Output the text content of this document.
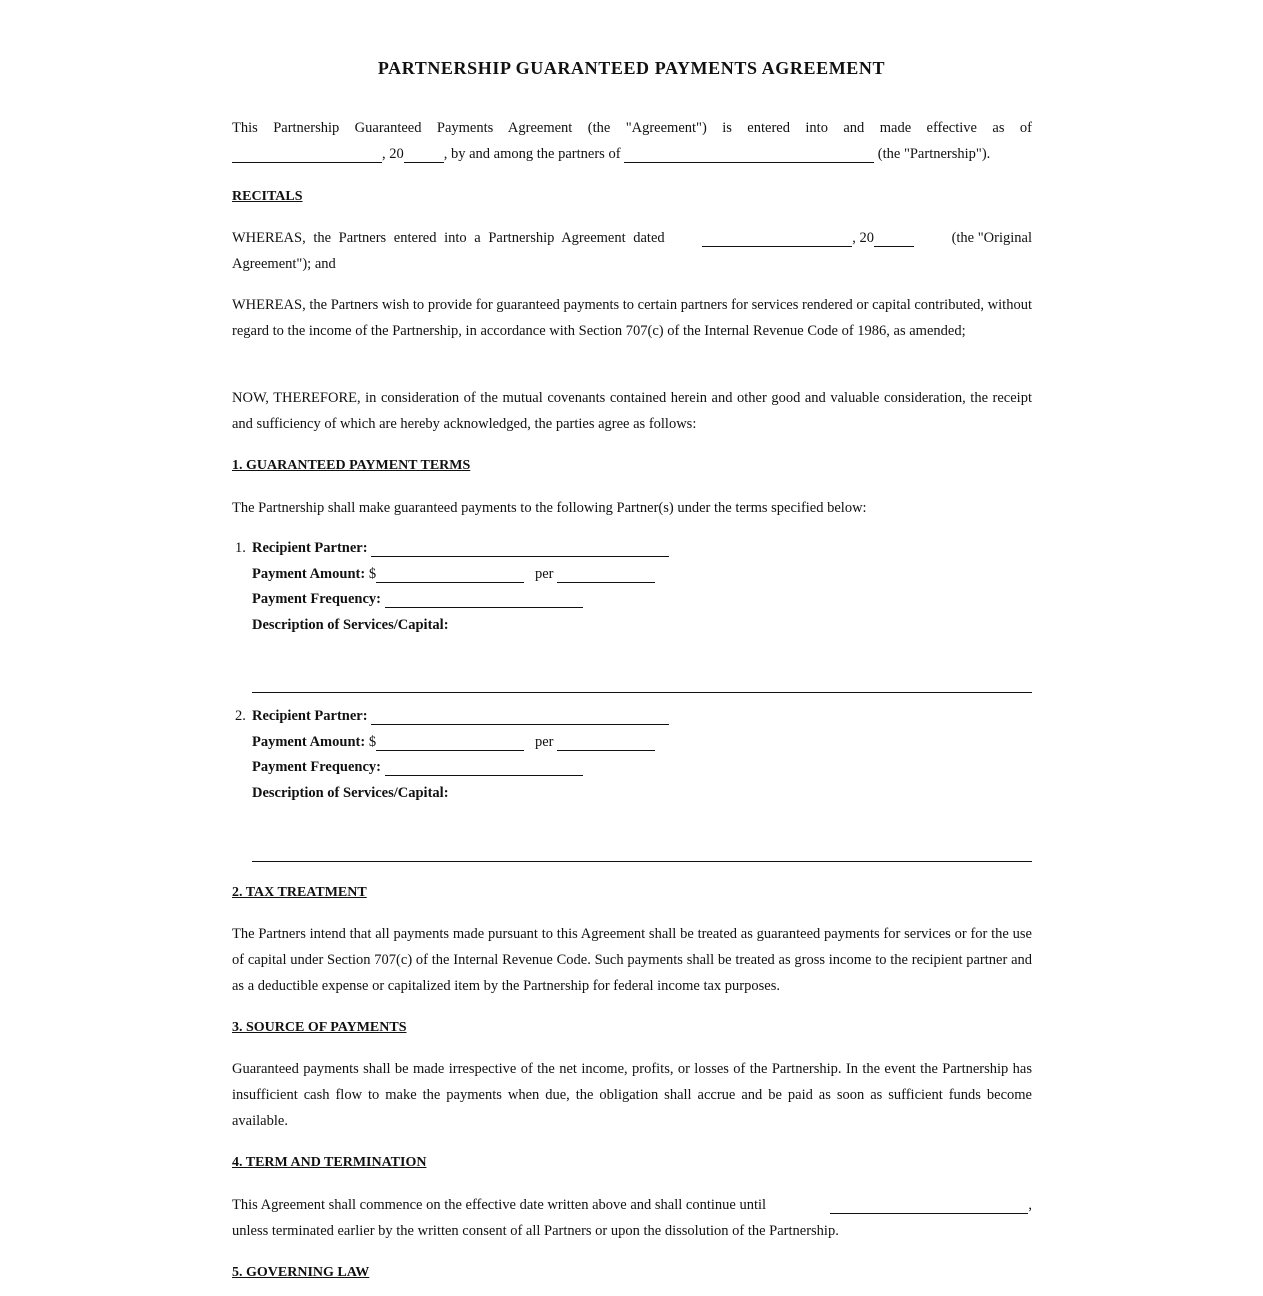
PARTNERSHIP GUARANTEED PAYMENTS AGREEMENT
This Partnership Guaranteed Payments Agreement (the "Agreement") is entered into and made effective as of
, 20	, by and among the partners of	(the "Partnership").
RECITALS
WHEREAS, the Partners entered into a Partnership Agreement dated	, 20	(the "Original
Agreement"); and
WHEREAS, the Partners wish to provide for guaranteed payments to certain partners for services rendered or capital contributed, without regard to the income of the Partnership, in accordance with Section 707(c) of the Internal Revenue Code of 1986, as amended;
NOW, THEREFORE, in consideration of the mutual covenants contained herein and other good and valuable consideration, the receipt and sufficiency of which are hereby acknowledged, the parties agree as follows:
1. GUARANTEED PAYMENT TERMS
The Partnership shall make guaranteed payments to the following Partner(s) under the terms specified below:
1. Recipient Partner:
Payment Amount: $	per
Payment Frequency:
Description of Services/Capital:
2. Recipient Partner:
Payment Amount: $	per
Payment Frequency:
Description of Services/Capital:
2. TAX TREATMENT
The Partners intend that all payments made pursuant to this Agreement shall be treated as guaranteed payments for services or for the use of capital under Section 707(c) of the Internal Revenue Code. Such payments shall be treated as gross income to the recipient partner and as a deductible expense or capitalized item by the Partnership for federal income tax purposes.
3. SOURCE OF PAYMENTS
Guaranteed payments shall be made irrespective of the net income, profits, or losses of the Partnership. In the event the Partnership has insufficient cash flow to make the payments when due, the obligation shall accrue and be paid as soon as sufficient funds become available.
4. TERM AND TERMINATION
This Agreement shall commence on the effective date written above and shall continue until	,
unless terminated earlier by the written consent of all Partners or upon the dissolution of the Partnership.
5. GOVERNING LAW
